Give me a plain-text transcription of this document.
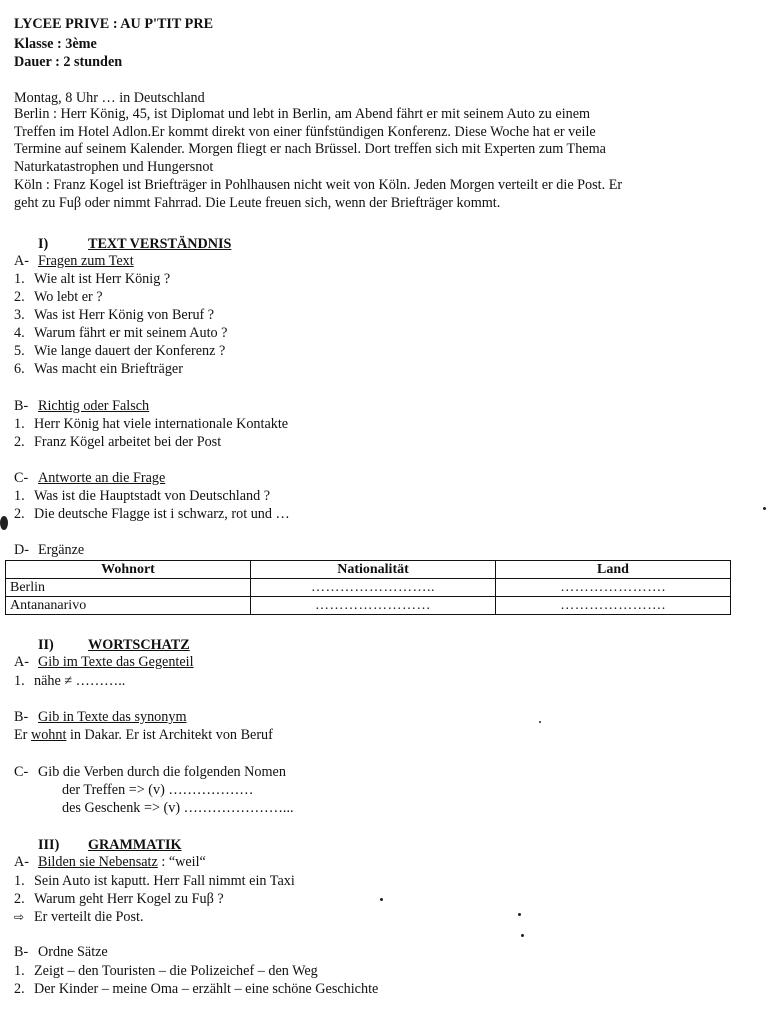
LYCEE PRIVE : AU P'TIT PRE
Klasse : 3ème
Dauer : 2 stunden
Montag, 8 Uhr … in Deutschland
Berlin : Herr König, 45, ist Diplomat und lebt in Berlin, am Abend fährt er mit seinem Auto zu einem
Treffen im Hotel Adlon.Er kommt direkt von einer fünfstündigen Konferenz. Diese Woche hat er veile
Termine auf seinem Kalender. Morgen fliegt er nach Brüssel. Dort treffen sich mit Experten zum Thema
Naturkatastrophen und Hungersnot
Köln : Franz Kogel ist Briefträger in Pohlhausen nicht weit von Köln. Jeden Morgen verteilt er die Post. Er
geht zu Fuβ oder nimmt Fahrrad. Die Leute freuen sich, wenn der Briefträger kommt.
I)	TEXT VERSTÄNDNIS
A- Fragen zum Text
1. Wie alt ist Herr König ?
2. Wo lebt er ?
3. Was ist Herr König von Beruf ?
4. Warum fährt er mit seinem Auto ?
5. Wie lange dauert der Konferenz ?
6. Was macht ein Briefträger
B- Richtig oder Falsch
1. Herr König hat viele internationale Kontakte
2. Franz Kögel arbeitet bei der Post
C- Antworte an die Frage
1. Was ist die Hauptstadt von Deutschland ?
2. Die deutsche Flagge ist i schwarz, rot und …
D- Ergänze
Wohnort	Nationalität	Land
Berlin	……………………..	………………….
Antananarivo	……………………	………………….
II) WORTSCHATZ
A- Gib im Texte das Gegenteil
1. nähe ≠ ………..
B- Gib in Texte das synonym
Er wohnt in Dakar. Er ist Architekt von Beruf
C- Gib die Verben durch die folgenden Nomen
der Treffen => (v) ………………
des Geschenk => (v) …………………...
III) GRAMMATIK
A- Bilden sie Nebensatz : “weil“
1. Sein Auto ist kaputt. Herr Fall nimmt ein Taxi
2. Warum geht Herr Kogel zu Fuβ ?
⇨ Er verteilt die Post.
B- Ordne Sätze
1. Zeigt – den Touristen – die Polizeichef – den Weg
2. Der Kinder – meine Oma – erzählt – eine schöne Geschichte
